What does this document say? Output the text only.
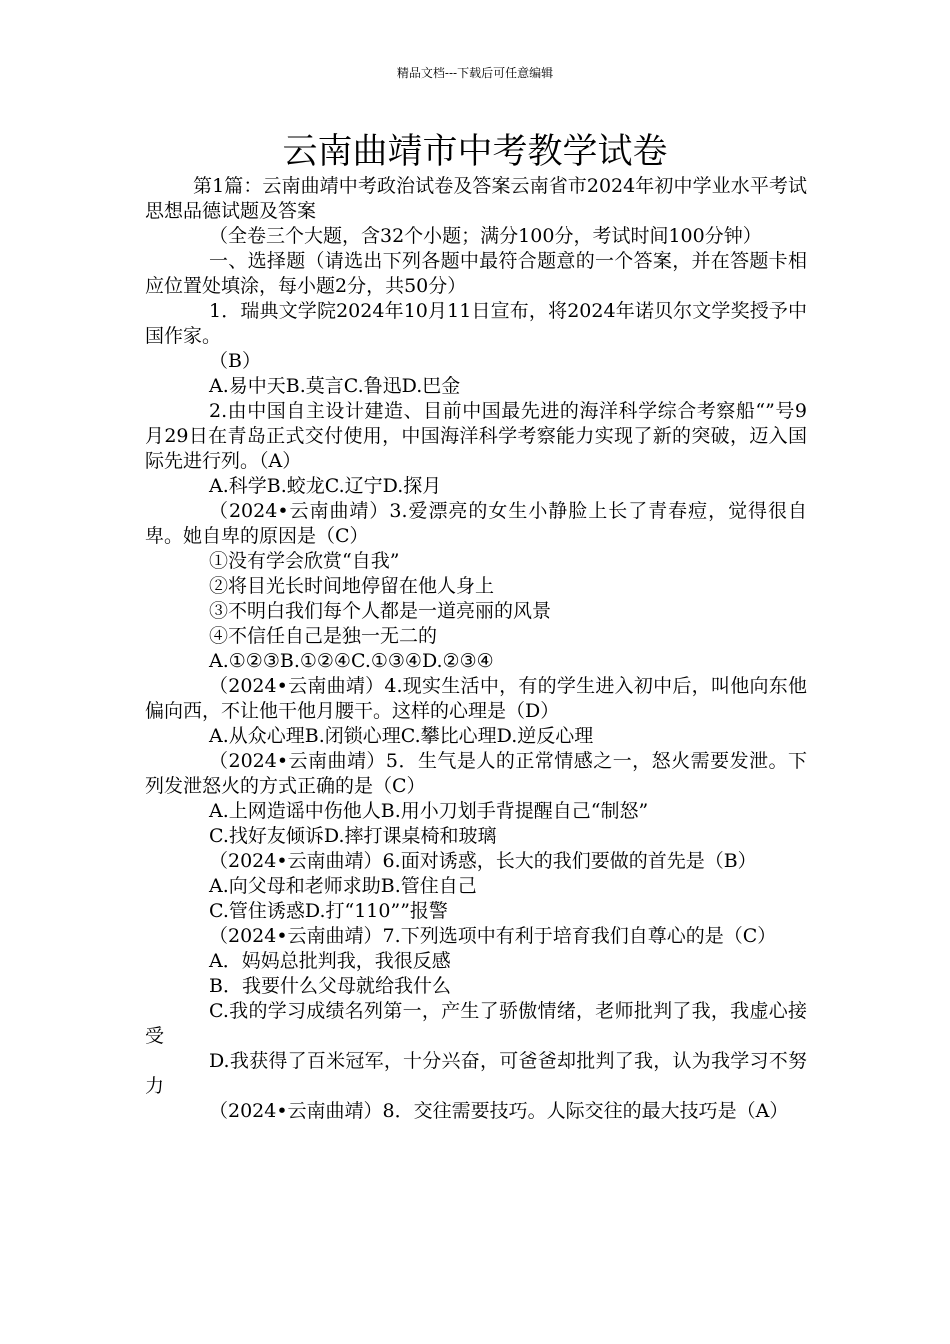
精品文档---下载后可任意编辑
云南曲靖市中考教学试卷

第1篇：云南曲靖中考政治试卷及答案云南省市2024年初中学业水平考试思想品德试题及答案

（全卷三个大题，含32个小题；满分100分，考试时间100分钟）

一、选择题（请选出下列各题中最符合题意的一个答案，并在答题卡相应位置处填涂，每小题2分，共50分）

1．瑞典文学院2024年10月11日宣布，将2024年诺贝尔文学奖授予中国作家。

（B）

A.易中天B.莫言C.鲁迅D.巴金

2.由中国自主设计建造、目前中国最先进的海洋科学综合考察船“”号9月29日在青岛正式交付使用，中国海洋科学考察能力实现了新的突破，迈入国际先进行列。（A）

A.科学B.蛟龙C.辽宁D.探月

（2024•云南曲靖）3.爱漂亮的女生小静脸上长了青春痘，觉得很自卑。她自卑的原因是（C）

①没有学会欣赏“自我”

②将目光长时间地停留在他人身上

③不明白我们每个人都是一道亮丽的风景

④不信任自己是独一无二的

A.①②③B.①②④C.①③④D.②③④

（2024•云南曲靖）4.现实生活中，有的学生进入初中后，叫他向东他偏向西，不让他干他月腰干。这样的心理是（D）

A.从众心理B.闭锁心理C.攀比心理D.逆反心理

（2024•云南曲靖）5．生气是人的正常情感之一，怒火需要发泄。下列发泄怒火的方式正确的是（C）

A.上网造谣中伤他人B.用小刀划手背提醒自己“制怒”

C.找好友倾诉D.摔打课桌椅和玻璃

（2024•云南曲靖）6.面对诱惑，长大的我们要做的首先是（B）

A.向父母和老师求助B.管住自己

C.管住诱惑D.打“110””报警

（2024•云南曲靖）7.下列选项中有利于培育我们自尊心的是（C）

A．妈妈总批判我，我很反感

B．我要什么父母就给我什么

C.我的学习成绩名列第一，产生了骄傲情绪，老师批判了我，我虚心接受

D.我获得了百米冠军，十分兴奋，可爸爸却批判了我，认为我学习不努力

（2024•云南曲靖）8．交往需要技巧。人际交往的最大技巧是（A）
